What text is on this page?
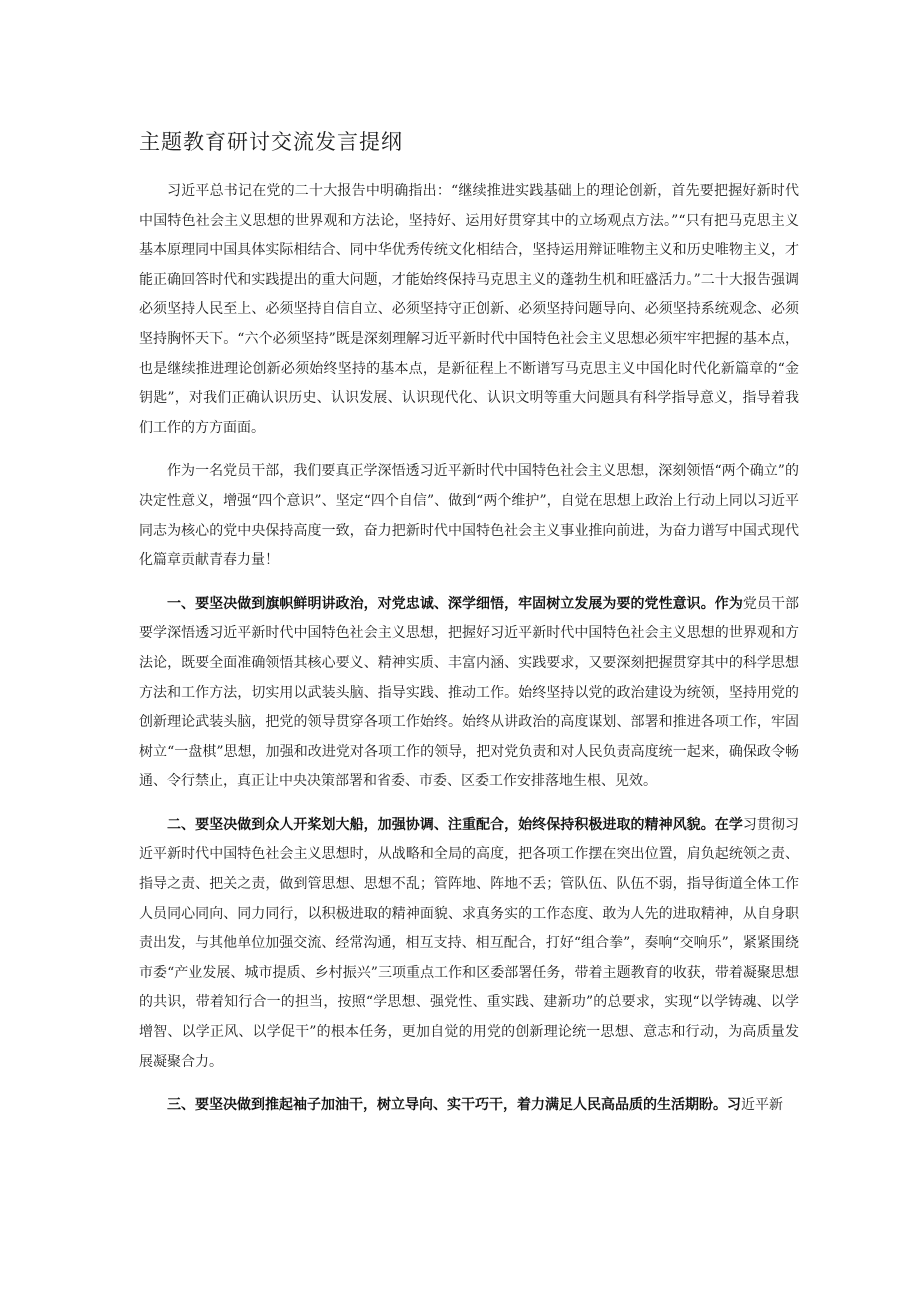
主题教育研讨交流发言提纲

习近平总书记在党的二十大报告中明确指出：“继续推进实践基础上的理论创新，首先要把握好新时代中国特色社会主义思想的世界观和方法论，坚持好、运用好贯穿其中的立场观点方法。”“只有把马克思主义基本原理同中国具体实际相结合、同中华优秀传统文化相结合，坚持运用辩证唯物主义和历史唯物主义，才能正确回答时代和实践提出的重大问题，才能始终保持马克思主义的蓬勃生机和旺盛活力。”二十大报告强调必须坚持人民至上、必须坚持自信自立、必须坚持守正创新、必须坚持问题导向、必须坚持系统观念、必须坚持胸怀天下。“六个必须坚持”既是深刻理解习近平新时代中国特色社会主义思想必须牢牢把握的基本点，也是继续推进理论创新必须始终坚持的基本点，是新征程上不断谱写马克思主义中国化时代化新篇章的“金钥匙”，对我们正确认识历史、认识发展、认识现代化、认识文明等重大问题具有科学指导意义，指导着我们工作的方方面面。

作为一名党员干部，我们要真正学深悟透习近平新时代中国特色社会主义思想，深刻领悟“两个确立”的决定性意义，增强“四个意识”、坚定“四个自信”、做到“两个维护”，自觉在思想上政治上行动上同以习近平同志为核心的党中央保持高度一致，奋力把新时代中国特色社会主义事业推向前进，为奋力谱写中国式现代化篇章贡献青春力量！

一、要坚决做到旗帜鲜明讲政治，对党忠诚、深学细悟，牢固树立发展为要的党性意识。作为党员干部要学深悟透习近平新时代中国特色社会主义思想，把握好习近平新时代中国特色社会主义思想的世界观和方法论，既要全面准确领悟其核心要义、精神实质、丰富内涵、实践要求，又要深刻把握贯穿其中的科学思想方法和工作方法，切实用以武装头脑、指导实践、推动工作。始终坚持以党的政治建设为统领，坚持用党的创新理论武装头脑，把党的领导贯穿各项工作始终。始终从讲政治的高度谋划、部署和推进各项工作，牢固树立“一盘棋”思想，加强和改进党对各项工作的领导，把对党负责和对人民负责高度统一起来，确保政令畅通、令行禁止，真正让中央决策部署和省委、市委、区委工作安排落地生根、见效。

二、要坚决做到众人开桨划大船，加强协调、注重配合，始终保持积极进取的精神风貌。在学习贯彻习近平新时代中国特色社会主义思想时，从战略和全局的高度，把各项工作摆在突出位置，肩负起统领之责、指导之责、把关之责，做到管思想、思想不乱；管阵地、阵地不丢；管队伍、队伍不弱，指导街道全体工作人员同心同向、同力同行，以积极进取的精神面貌、求真务实的工作态度、敢为人先的进取精神，从自身职责出发，与其他单位加强交流、经常沟通，相互支持、相互配合，打好“组合拳”，奏响“交响乐”，紧紧围绕市委“产业发展、城市提质、乡村振兴”三项重点工作和区委部署任务，带着主题教育的收获，带着凝聚思想的共识，带着知行合一的担当，按照“学思想、强党性、重实践、建新功”的总要求，实现“以学铸魂、以学增智、以学正风、以学促干”的根本任务，更加自觉的用党的创新理论统一思想、意志和行动，为高质量发展凝聚合力。

三、要坚决做到推起袖子加油干，树立导向、实干巧干，着力满足人民高品质的生活期盼。习近平新
